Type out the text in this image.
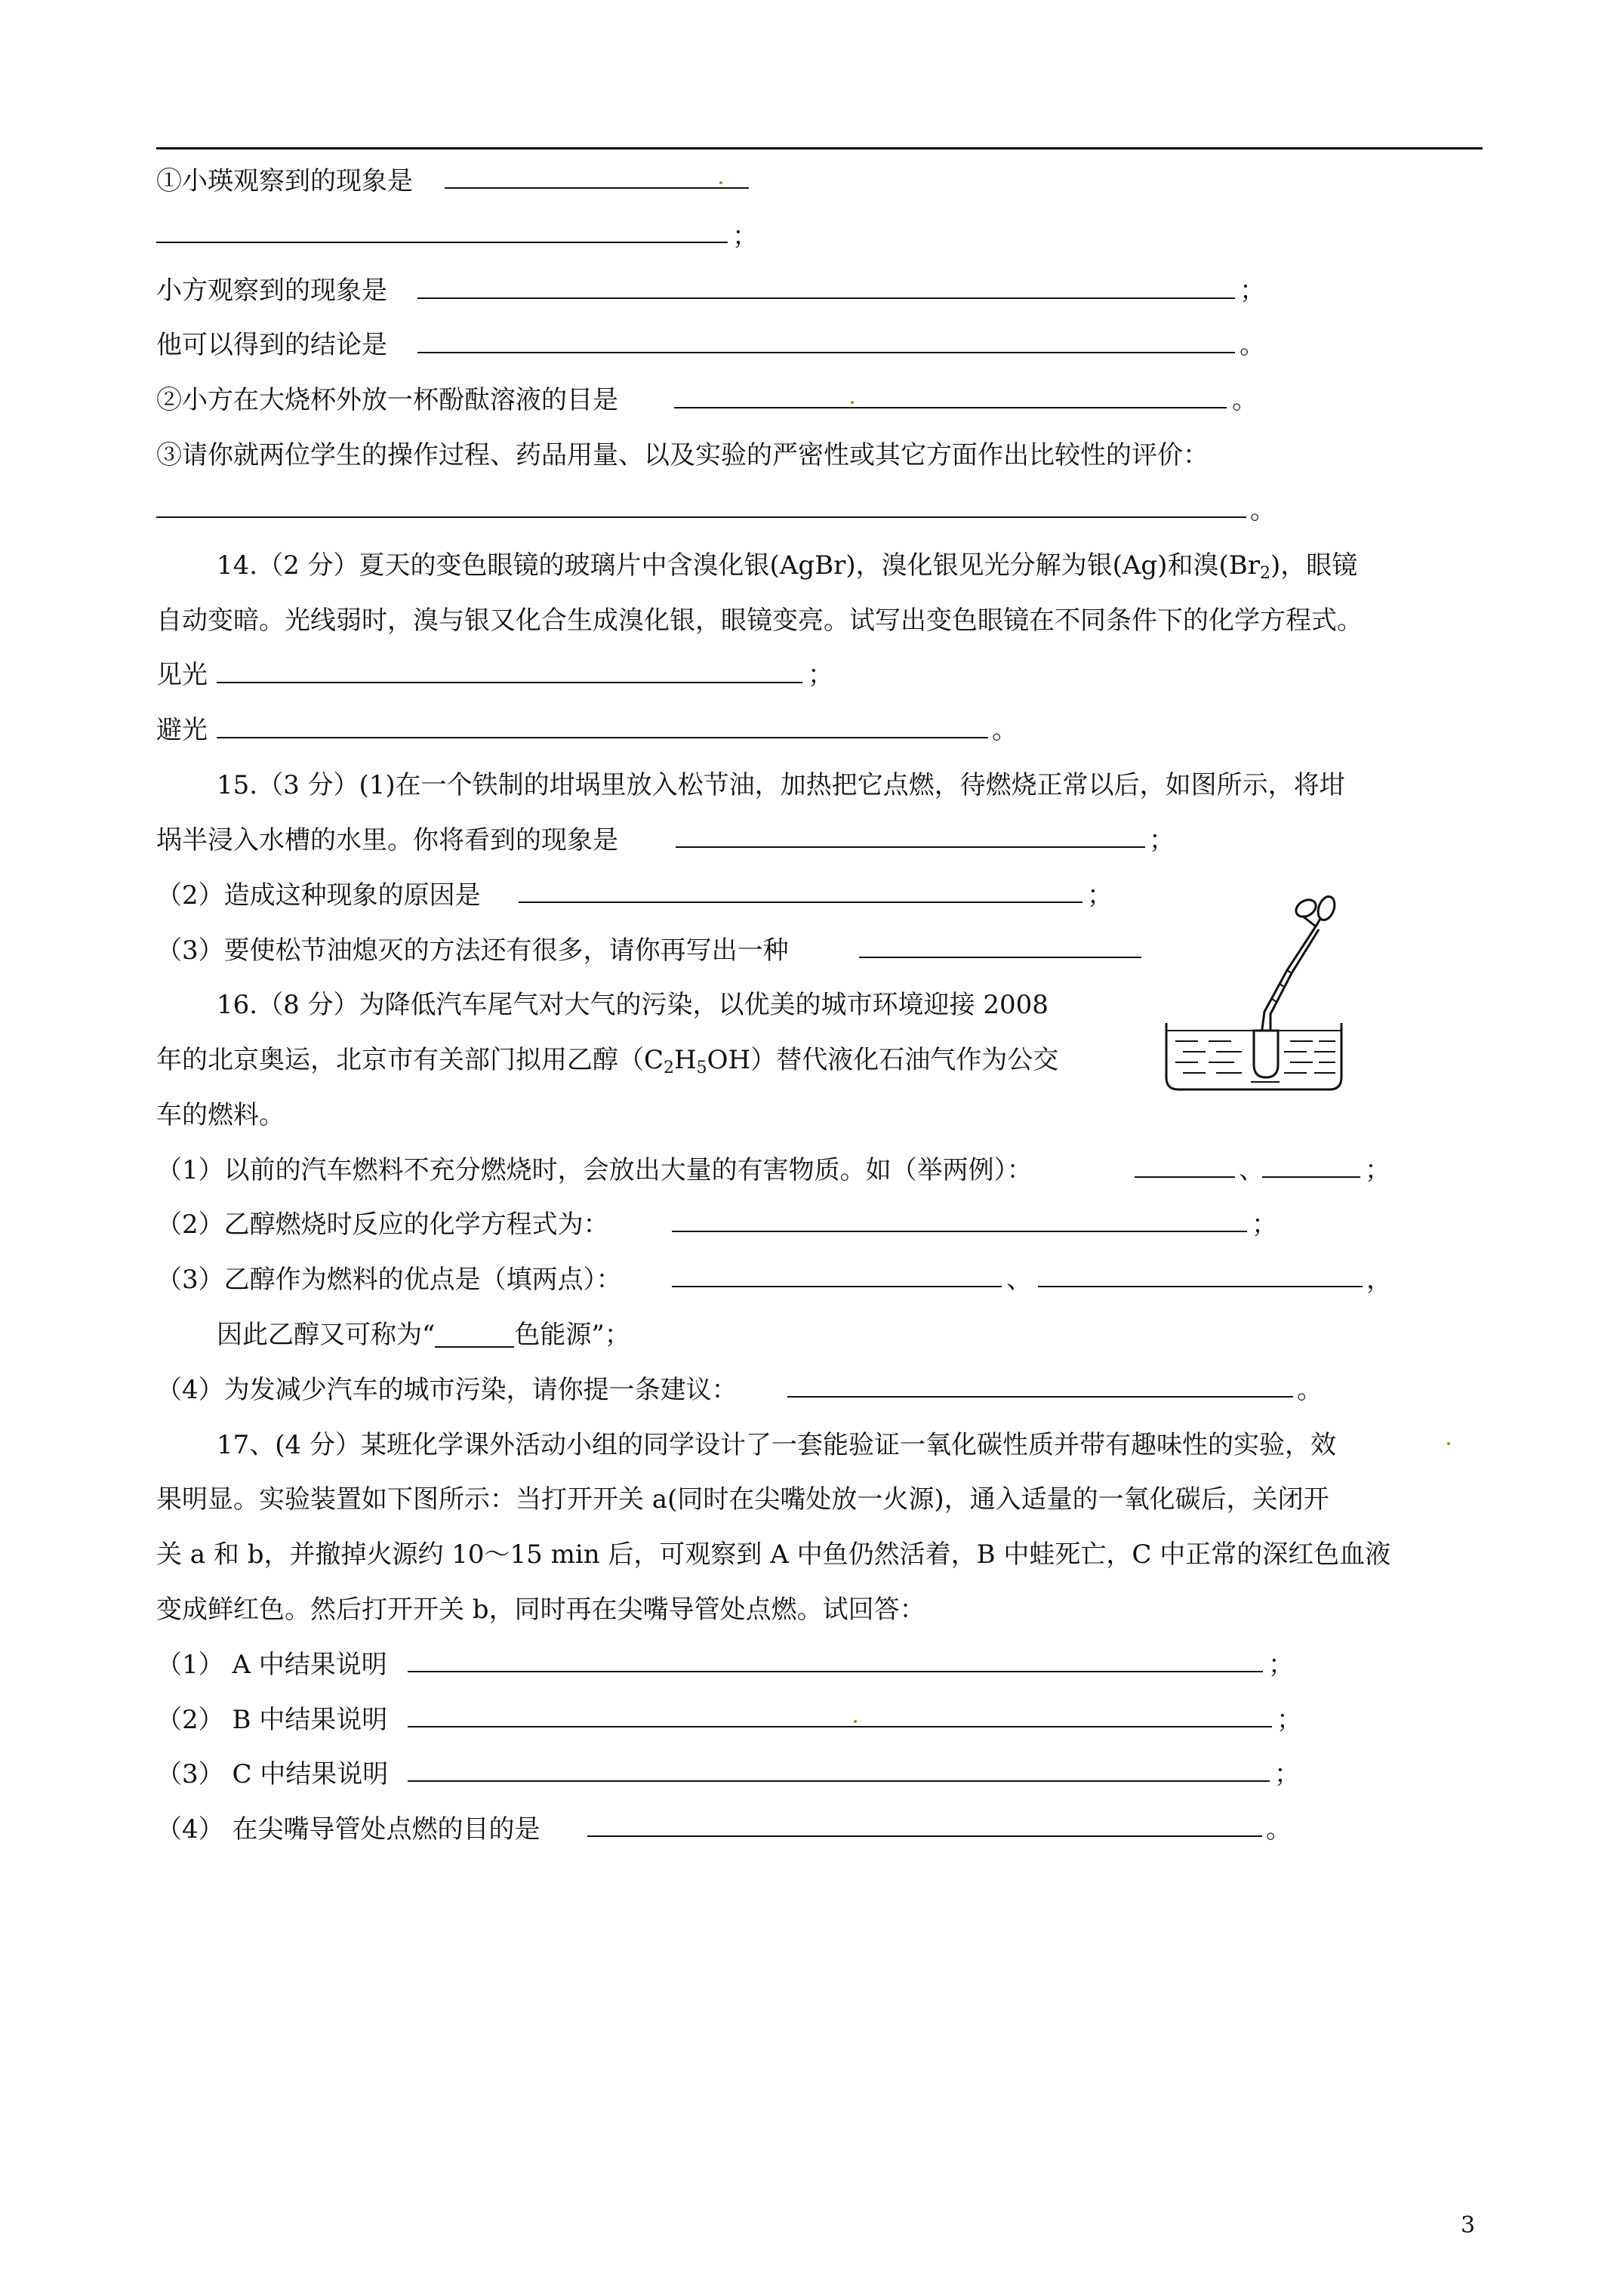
①小瑛观察到的现象是
；
小方观察到的现象是	；
他可以得到的结论是	。
②小方在大烧杯外放一杯酚酞溶液的目是	。
③请你就两位学生的操作过程、药品用量、以及实验的严密性或其它方面作出比较性的评价：
。
14.（2 分）夏天的变色眼镜的玻璃片中含溴化银(AgBr)，溴化银见光分解为银(Ag)和溴$(Br_2)$，眼镜
自动变暗。光线弱时，溴与银又化合生成溴化银，眼镜变亮。试写出变色眼镜在不同条件下的化学方程式。
见光	；
避光	。
15.（3 分）(1)在一个铁制的坩埚里放入松节油，加热把它点燃，待燃烧正常以后，如图所示，将坩
埚半浸入水槽的水里。你将看到的现象是	；
（2）造成这种现象的原因是	；
（3）要使松节油熄灭的方法还有很多，请你再写出一种
16.（8 分）为降低汽车尾气对大气的污染，以优美的城市环境迎接 2008
年的北京奥运，北京市有关部门拟用乙醇$(C_2H_5OH)$替代液化石油气作为公交
车的燃料。
（1）以前的汽车燃料不充分燃烧时，会放出大量的有害物质。如（举两例）：	、	；
（2）乙醇燃烧时反应的化学方程式为：	；
（3）乙醇作为燃料的优点是（填两点）：	、	，
因此乙醇又可称为“	色能源”；
（4）为发减少汽车的城市污染，请你提一条建议：	。
17、(4 分）某班化学课外活动小组的同学设计了一套能验证一氧化碳性质并带有趣味性的实验，效
果明显。实验装置如下图所示：当打开开关 a(同时在尖嘴处放一火源)，通入适量的一氧化碳后，关闭开
关 a 和 b，并撤掉火源约 10～15 min 后，可观察到 A 中鱼仍然活着，B 中蛙死亡，C 中正常的深红色血液
变成鲜红色。然后打开开关 b，同时再在尖嘴导管处点燃。试回答：
（1） A 中结果说明	；
（2） B 中结果说明	；
（3） C 中结果说明	；
（4） 在尖嘴导管处点燃的目的是	。
3
